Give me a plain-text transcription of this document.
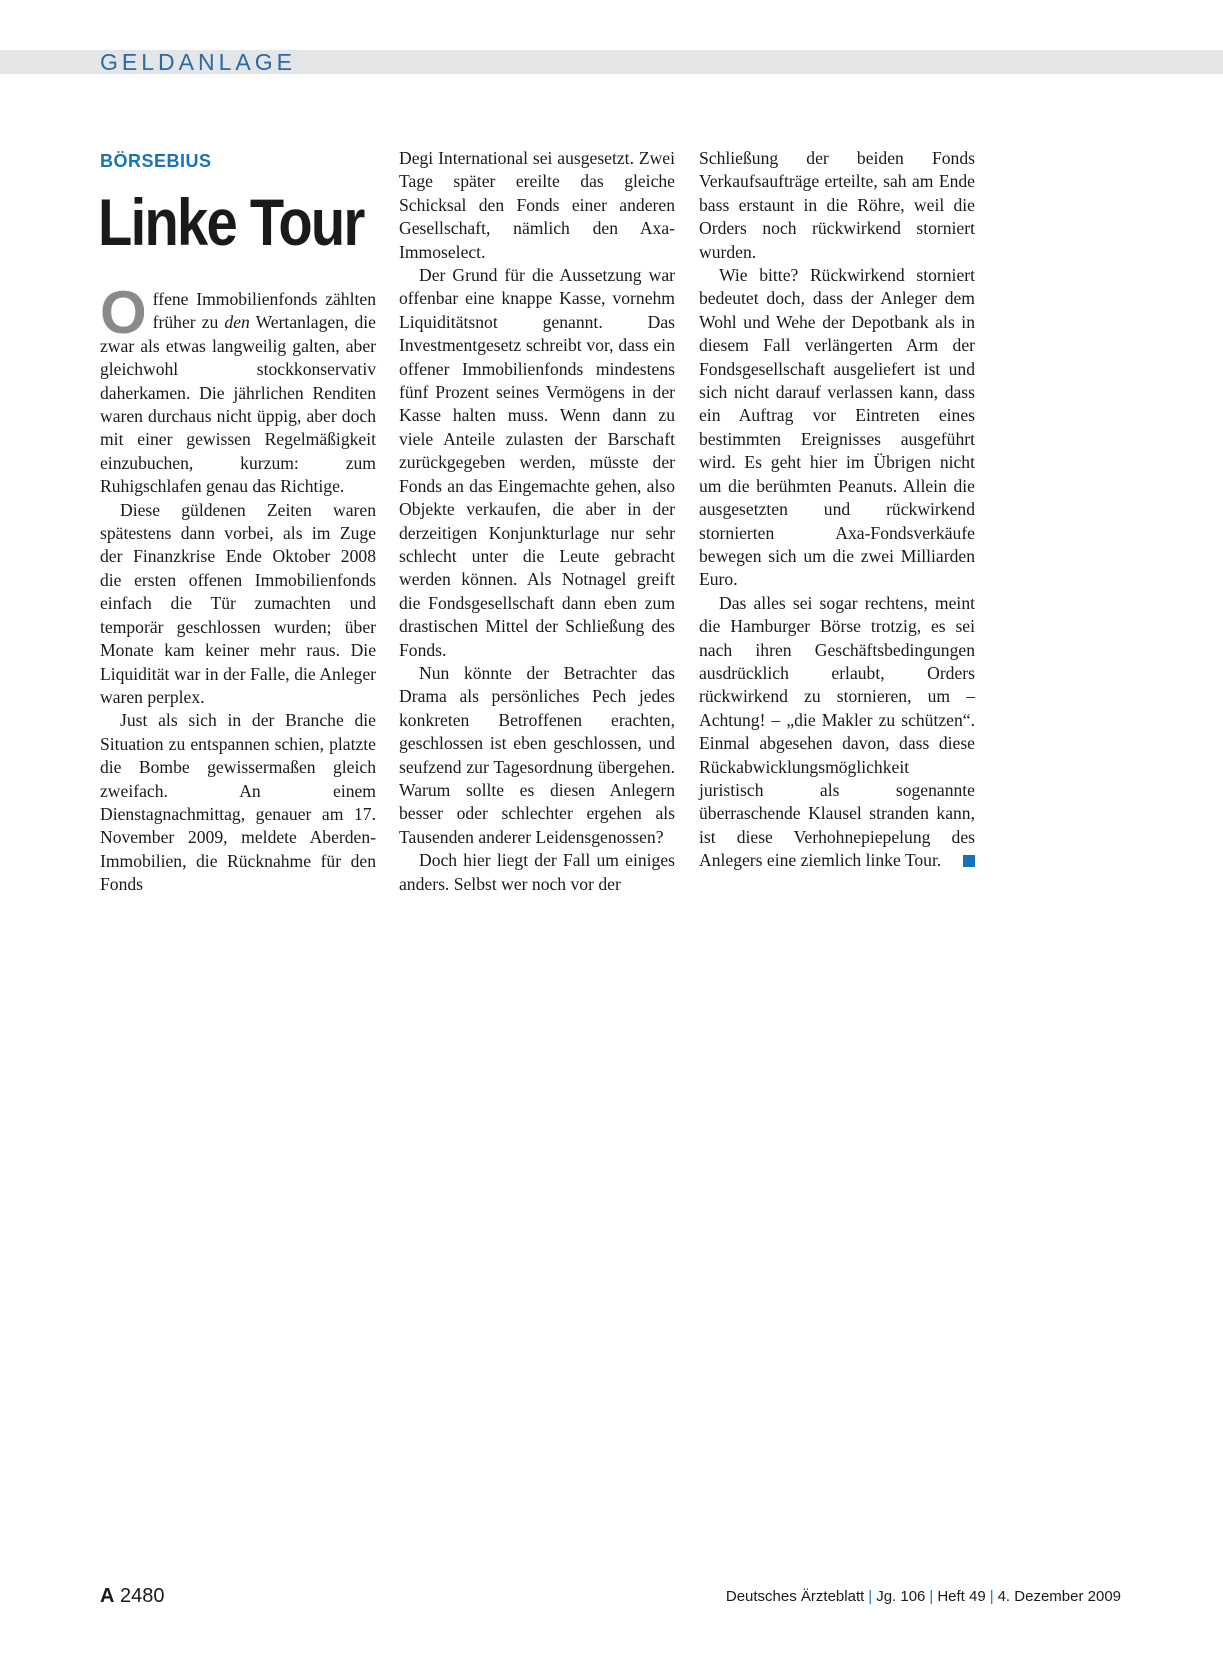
GELDANLAGE
BÖRSEBIUS
Linke Tour

Offene Immobilienfonds zählten früher zu den Wertanlagen, die zwar als etwas langweilig galten, aber gleichwohl stockkonservativ daherkamen. Die jährlichen Renditen waren durchaus nicht üppig, aber doch mit einer gewissen Regelmäßigkeit einzubuchen, kurzum: zum Ruhigschlafen genau das Richtige.

Diese güldenen Zeiten waren spätestens dann vorbei, als im Zuge der Finanzkrise Ende Oktober 2008 die ersten offenen Immobilienfonds einfach die Tür zumachten und temporär geschlossen wurden; über Monate kam keiner mehr raus. Die Liquidität war in der Falle, die Anleger waren perplex.

Just als sich in der Branche die Situation zu entspannen schien, platzte die Bombe gewissermaßen gleich zweifach. An einem Dienstagnachmittag, genauer am 17. November 2009, meldete Aberden-Immobilien, die Rücknahme für den Fonds

Degi International sei ausgesetzt. Zwei Tage später ereilte das gleiche Schicksal den Fonds einer anderen Gesellschaft, nämlich den Axa-Immoselect.

Der Grund für die Aussetzung war offenbar eine knappe Kasse, vornehm Liquiditätsnot genannt. Das Investmentgesetz schreibt vor, dass ein offener Immobilienfonds mindestens fünf Prozent seines Vermögens in der Kasse halten muss. Wenn dann zu viele Anteile zulasten der Barschaft zurückgegeben werden, müsste der Fonds an das Eingemachte gehen, also Objekte verkaufen, die aber in der derzeitigen Konjunkturlage nur sehr schlecht unter die Leute gebracht werden können. Als Notnagel greift die Fondsgesellschaft dann eben zum drastischen Mittel der Schließung des Fonds.

Nun könnte der Betrachter das Drama als persönliches Pech jedes konkreten Betroffenen erachten, geschlossen ist eben geschlossen, und seufzend zur Tagesordnung übergehen. Warum sollte es diesen Anlegern besser oder schlechter ergehen als Tausenden anderer Leidensgenossen?

Doch hier liegt der Fall um einiges anders. Selbst wer noch vor der

Schließung der beiden Fonds Verkaufsaufträge erteilte, sah am Ende bass erstaunt in die Röhre, weil die Orders noch rückwirkend storniert wurden.

Wie bitte? Rückwirkend storniert bedeutet doch, dass der Anleger dem Wohl und Wehe der Depotbank als in diesem Fall verlängerten Arm der Fondsgesellschaft ausgeliefert ist und sich nicht darauf verlassen kann, dass ein Auftrag vor Eintreten eines bestimmten Ereignisses ausgeführt wird. Es geht hier im Übrigen nicht um die berühmten Peanuts. Allein die ausgesetzten und rückwirkend stornierten Axa-Fondsverkäufe bewegen sich um die zwei Milliarden Euro.

Das alles sei sogar rechtens, meint die Hamburger Börse trotzig, es sei nach ihren Geschäftsbedingungen ausdrücklich erlaubt, Orders rückwirkend zu stornieren, um – Achtung! – „die Makler zu schützen“. Einmal abgesehen davon, dass diese Rückabwicklungsmöglichkeit juristisch als sogenannte überraschende Klausel stranden kann, ist diese Verhohnepiepelung des Anlegers eine ziemlich linke Tour.

A 2480	Deutsches Ärzteblatt | Jg. 106 | Heft 49 | 4. Dezember 2009
